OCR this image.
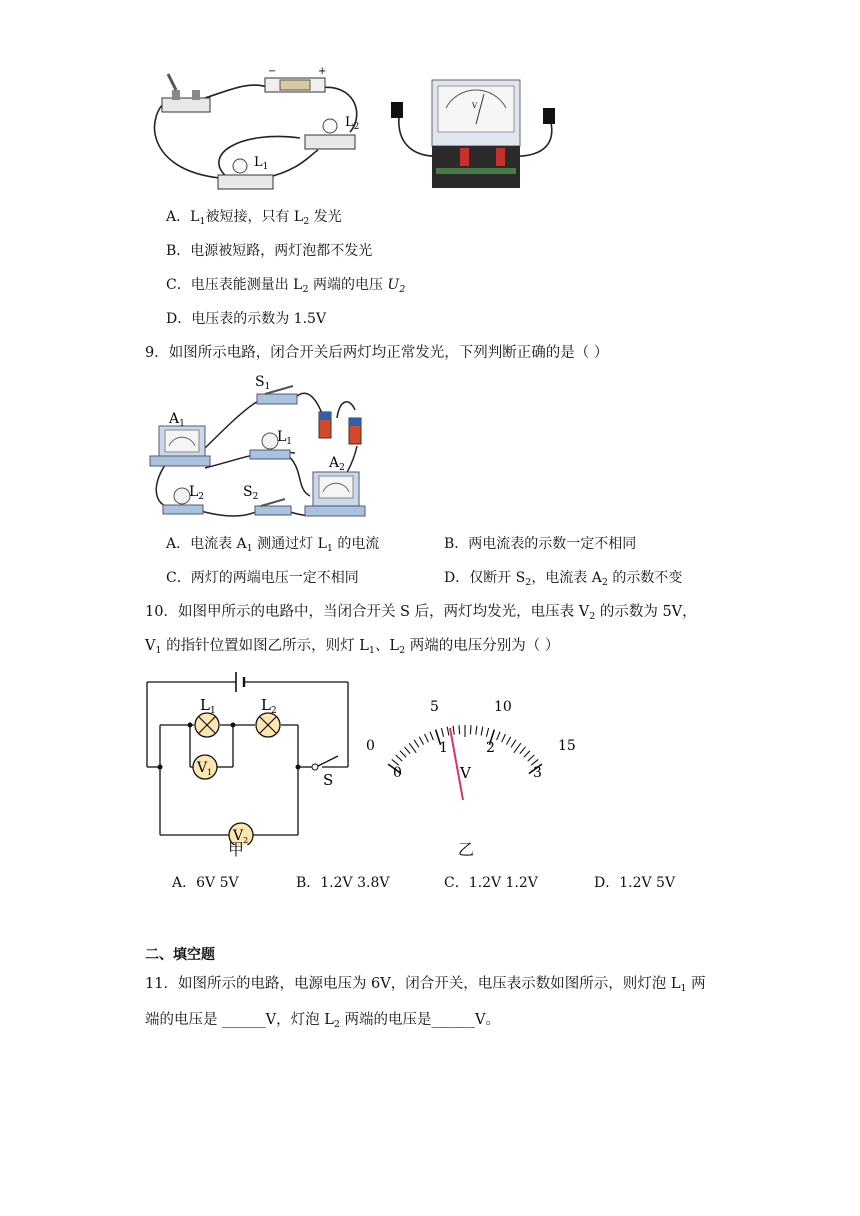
−	+
$L_2$
$L_1$
V
A．$L_1$被短接，只有 $L_2$ 发光
B．电源被短路，两灯泡都不发光
C．电压表能测量出 $L_2$ 两端的电压 $U_2$
D．电压表的示数为 1.5V
9．如图所示电路，闭合开关后两灯均正常发光，下列判断正确的是（ ）
$A_1$
$S_1$
$L_1$
$L_2$	$S_2$
$A_2$
A．电流表 $A_1$ 测通过灯 $L_1$ 的电流	B．两电流表的示数一定不相同
C．两灯的两端电压一定不相同	D．仅断开 $S_2$，电流表 $A_2$ 的示数不变
10．如图甲所示的电路中，当闭合开关 S 后，两灯均发光，电压表 $V_2$ 的示数为 5V，
$V_1$ 的指针位置如图乙所示，则灯 $L_1$、$L_2$ 两端的电压分别为（ ）
$L_1$	$L_2$
$V_1$
$V_2$
S
甲
0
5	10
15
0
1	2
3
V
乙
A．6V 5V	B．1.2V 3.8V	C．1.2V 1.2V	D．1.2V 5V
二、填空题
11．如图所示的电路，电源电压为 6V，闭合开关，电压表示数如图所示，则灯泡 $L_1$ 两
端的电压是 ______V，灯泡 $L_2$ 两端的电压是______V。
